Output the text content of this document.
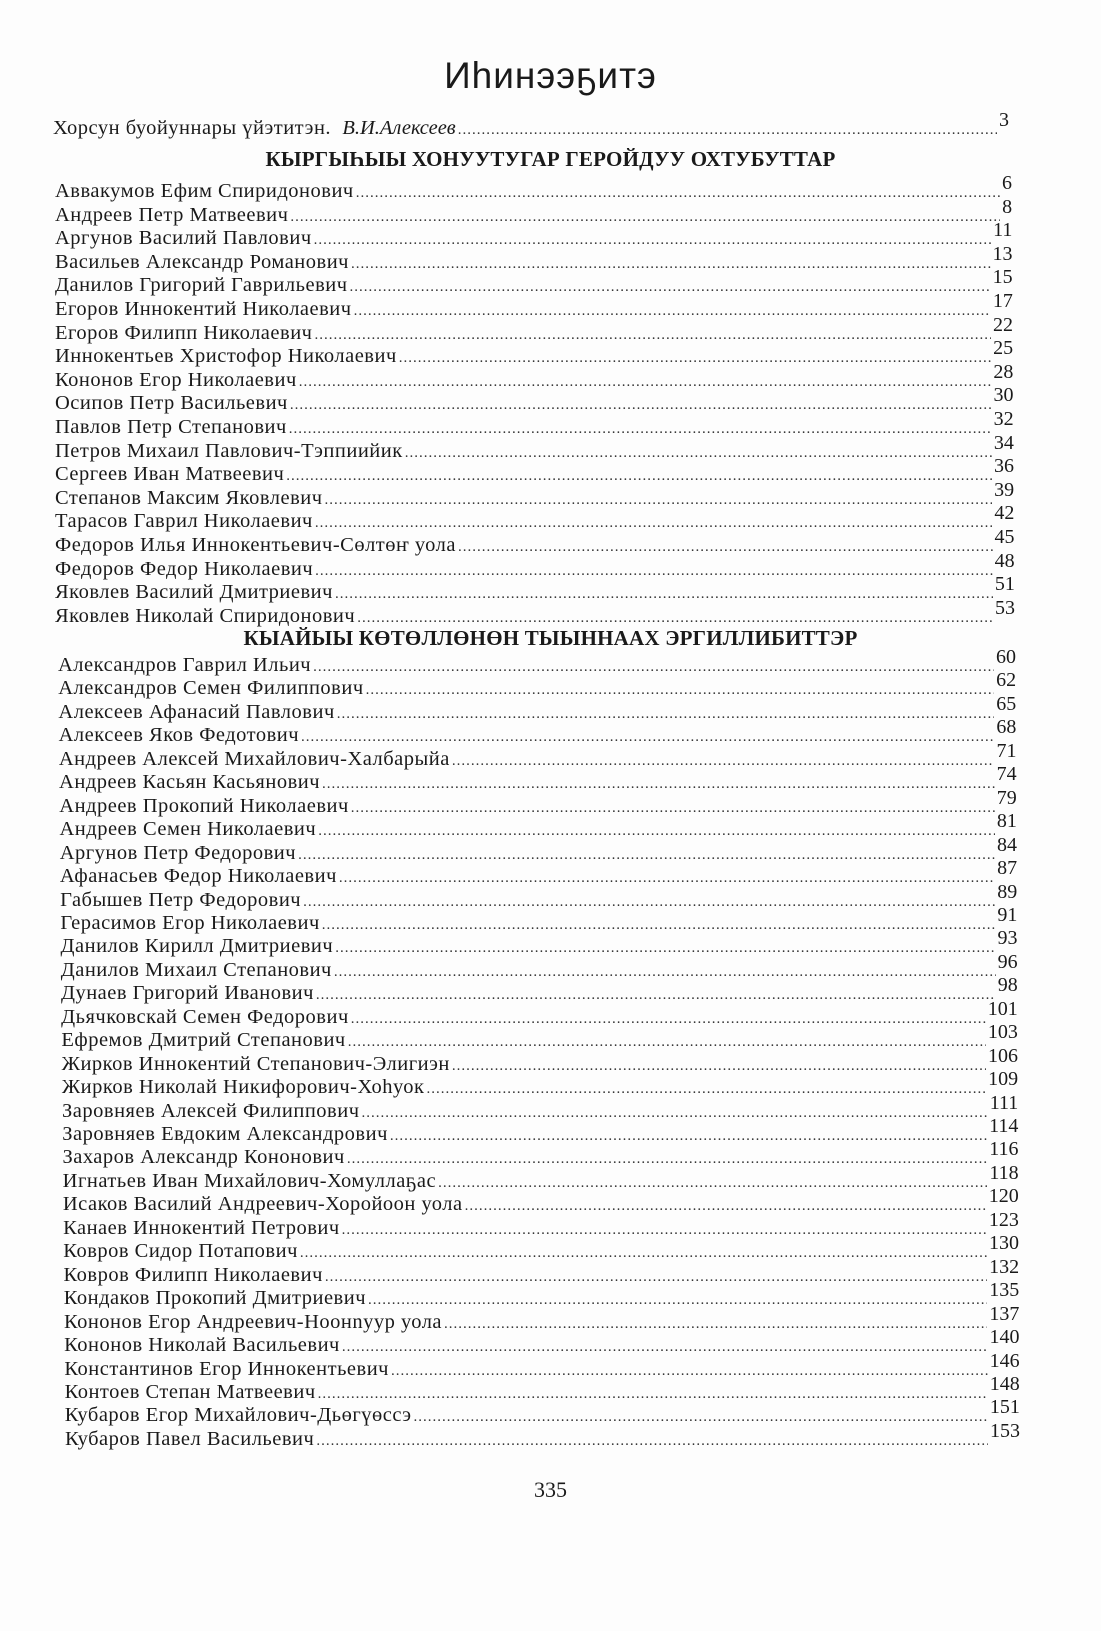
Иһинээҕитэ
Хорсун буойуннары үйэтитэн. В.И.Алексеев .....	3
КЫРГЫҺЫЫ ХОНУУТУГАР ГЕРОЙДУУ ОХТУБУТТАР
Аввакумов Ефим Спиридонович .....	6
Андреев Петр Матвеевич .....	8
Аргунов Василий Павлович .....	11
Васильев Александр Романович .....	13
Данилов Григорий Гаврильевич .....	15
Егоров Иннокентий Николаевич .....	17
Егоров Филипп Николаевич .....	22
Иннокентьев Христофор Николаевич .....	25
Кононов Егор Николаевич .....	28
Осипов Петр Васильевич .....	30
Павлов Петр Степанович .....	32
Петров Михаил Павлович-Тэппиийик .....	34
Сергеев Иван Матвеевич .....	36
Степанов Максим Яковлевич .....	39
Тарасов Гаврил Николаевич .....	42
Федоров Илья Иннокентьевич-Сөлтөҥ уола .....	45
Федоров Федор Николаевич .....	48
Яковлев Василий Дмитриевич .....	51
Яковлев Николай Спиридонович .....	53
КЫАЙЫЫ КӨТӨЛЛӨНӨН ТЫЫННААХ ЭРГИЛЛИБИТТЭР
Александров Гаврил Ильич .....	60
Александров Семен Филиппович .....	62
Алексеев Афанасий Павлович .....	65
Алексеев Яков Федотович .....	68
Андреев Алексей Михайлович-Халбарыйа .....	71
Андреев Касьян Касьянович .....	74
Андреев Прокопий Николаевич .....	79
Андреев Семен Николаевич .....	81
Аргунов Петр Федорович .....	84
Афанасьев Федор Николаевич .....	87
Габышев Петр Федорович .....	89
Герасимов Егор Николаевич .....	91
Данилов Кирилл Дмитриевич .....	93
Данилов Михаил Степанович .....	96
Дунаев Григорий Иванович .....	98
Дьячковскай Семен Федорович .....	101
Ефремов Дмитрий Степанович .....	103
Жирков Иннокентий Степанович-Элигиэн .....	106
Жирков Николай Никифорович-Хоһуок .....	109
Заровняев Алексей Филиппович .....	111
Заровняев Евдоким Александрович .....	114
Захаров Александр Кононович .....	116
Игнатьев Иван Михайлович-Хомуллаҕас .....	118
Исаков Василий Андреевич-Хоройоон уола .....	120
Канаев Иннокентий Петрович .....	123
Ковров Сидор Потапович .....	130
Ковров Филипп Николаевич .....	132
Кондаков Прокопий Дмитриевич .....	135
Кононов Егор Андреевич-Ноонnуур уола .....	137
Кононов Николай Васильевич .....	140
Константинов Егор Иннокентьевич .....	146
Контоев Степан Матвеевич .....	148
Кубаров Егор Михайлович-Дьөгүөссэ .....	151
Кубаров Павел Васильевич .....	153
335
